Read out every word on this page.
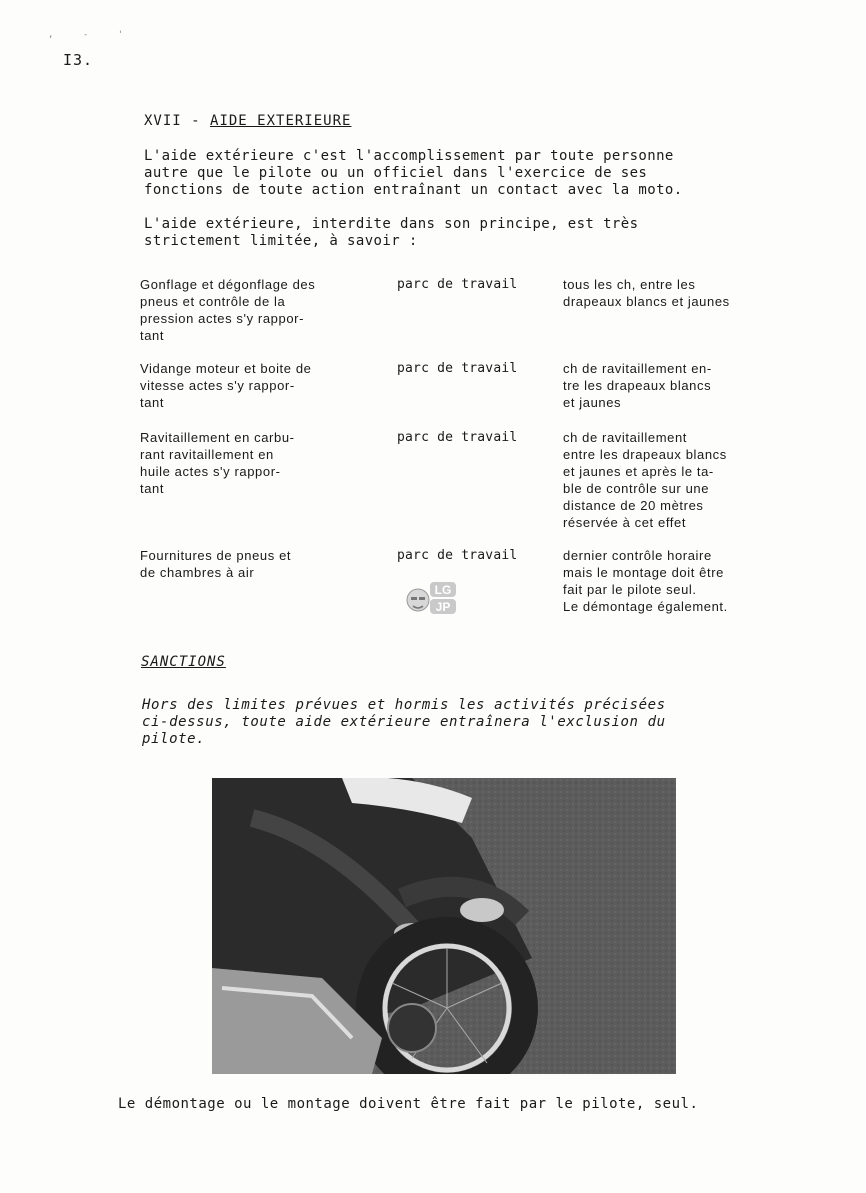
, - '
I3.
XVII - AIDE EXTERIEURE
L'aide extérieure c'est l'accomplissement par toute personne
autre que le pilote ou un officiel dans l'exercice de ses
fonctions de toute action entraînant un contact avec la moto.
L'aide extérieure, interdite dans son principe, est très
strictement limitée, à savoir :
Gonflage et dégonflage des
pneus et contrôle de la
pression actes s'y rappor-
tant
parc de travail	tous les ch, entre les
drapeaux blancs et jaunes
Vidange moteur et boite de
vitesse actes s'y rappor-
tant
parc de travail	ch de ravitaillement en-
tre les drapeaux blancs
et jaunes
Ravitaillement en carbu-
rant ravitaillement en
huile actes s'y rappor-
tant
parc de travail	ch de ravitaillement
entre les drapeaux blancs
et jaunes et après le ta-
ble de contrôle sur une
distance de 20 mètres
réservée à cet effet
Fournitures de pneus et
de chambres à air
parc de travail	dernier contrôle horaire
mais le montage doit être
fait par le pilote seul.
Le démontage également.
LG
JP
SANCTIONS
Hors des limites prévues et hormis les activités précisées
ci-dessus, toute aide extérieure entraînera l'exclusion du
pilote.
Le démontage ou le montage doivent être fait par le pilote, seul.
